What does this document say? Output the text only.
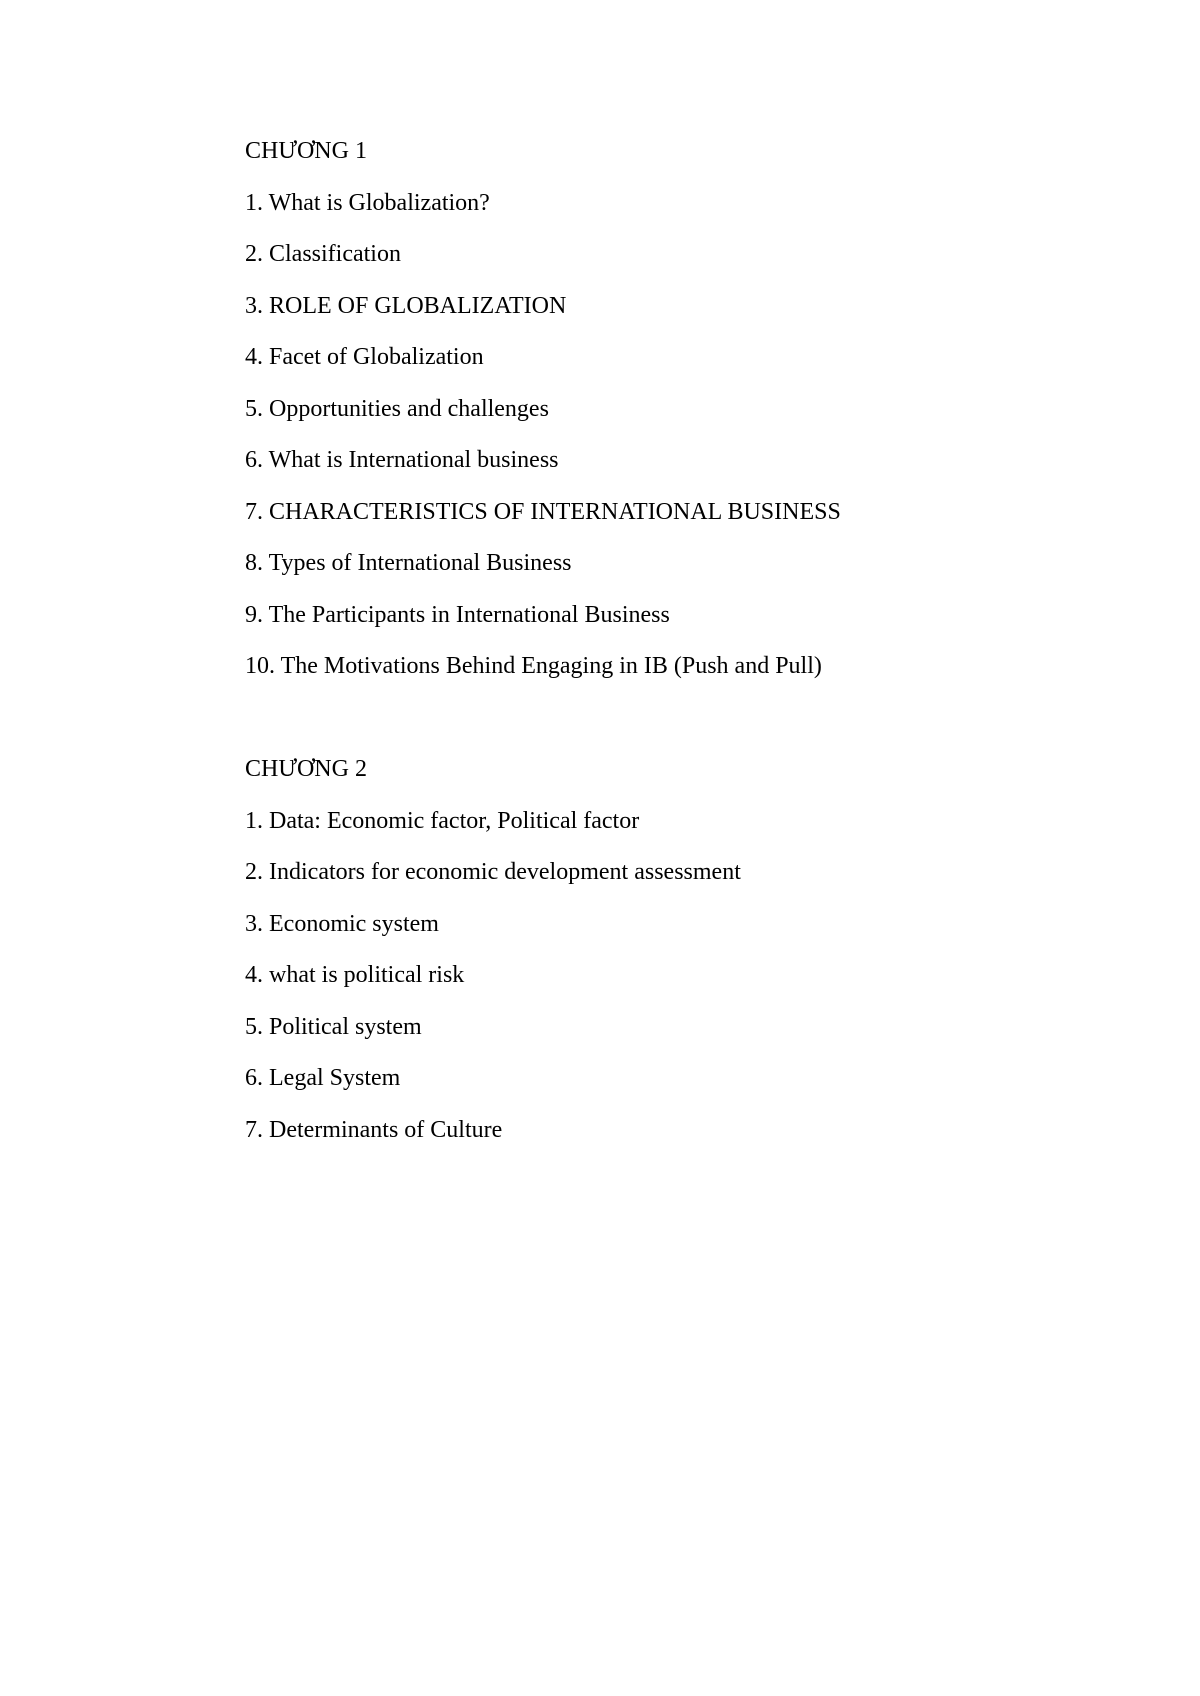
CHƯƠNG 1

1. What is Globalization?

2. Classification

3. ROLE OF GLOBALIZATION

4. Facet of Globalization

5. Opportunities and challenges

6. What is International business

7. CHARACTERISTICS OF INTERNATIONAL BUSINESS

8. Types of International Business

9. The Participants in International Business

10. The Motivations Behind Engaging in IB (Push and Pull)

CHƯƠNG 2

1. Data: Economic factor, Political factor

2. Indicators for economic development assessment

3. Economic system

4. what is political risk

5. Political system

6. Legal System

7. Determinants of Culture
